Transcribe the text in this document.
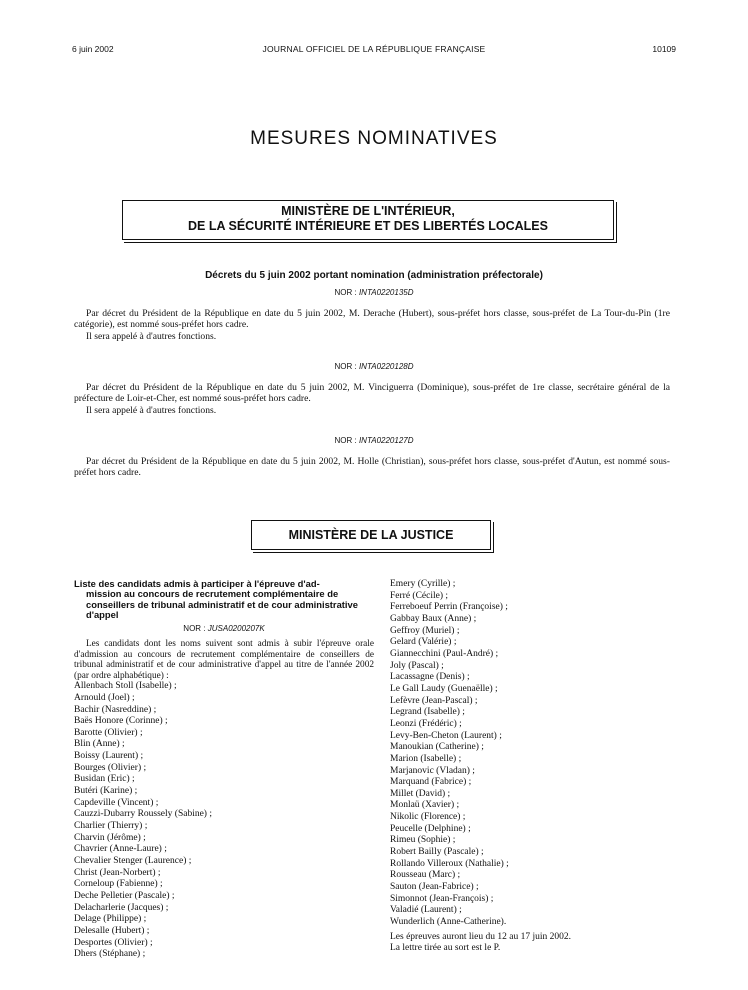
6 juin 2002	JOURNAL OFFICIEL DE LA RÉPUBLIQUE FRANÇAISE	10109
MESURES NOMINATIVES
MINISTÈRE DE L'INTÉRIEUR,
DE LA SÉCURITÉ INTÉRIEURE ET DES LIBERTÉS LOCALES
Décrets du 5 juin 2002 portant nomination (administration préfectorale)
NOR : INTA0220135D

Par décret du Président de la République en date du 5 juin 2002, M. Derache (Hubert), sous-préfet hors classe, sous-préfet de La Tour-du-Pin (1re catégorie), est nommé sous-préfet hors cadre.

Il sera appelé à d'autres fonctions.

NOR : INTA0220128D

Par décret du Président de la République en date du 5 juin 2002, M. Vinciguerra (Dominique), sous-préfet de 1re classe, secrétaire général de la préfecture de Loir-et-Cher, est nommé sous-préfet hors cadre.

Il sera appelé à d'autres fonctions.

NOR : INTA0220127D

Par décret du Président de la République en date du 5 juin 2002, M. Holle (Christian), sous-préfet hors classe, sous-préfet d'Autun, est nommé sous-préfet hors cadre.

MINISTÈRE DE LA JUSTICE
Liste des candidats admis à participer à l'épreuve d'ad-
mission au concours de recrutement complémentaire de conseillers de tribunal administratif et de cour administrative d'appel
NOR : JUSA0200207K
Les candidats dont les noms suivent sont admis à subir l'épreuve orale d'admission au concours de recrutement complémentaire de conseillers de tribunal administratif et de cour administrative d'appel au titre de l'année 2002 (par ordre alphabétique) :
Allenbach Stoll (Isabelle) ;
Arnould (Joel) ;
Bachir (Nasreddine) ;
Baës Honore (Corinne) ;
Barotte (Olivier) ;
Blin (Anne) ;
Boissy (Laurent) ;
Bourges (Olivier) ;
Busidan (Eric) ;
Butéri (Karine) ;
Capdeville (Vincent) ;
Cauzzi-Dubarry Roussely (Sabine) ;
Charlier (Thierry) ;
Charvin (Jérôme) ;
Chavrier (Anne-Laure) ;
Chevalier Stenger (Laurence) ;
Christ (Jean-Norbert) ;
Corneloup (Fabienne) ;
Deche Pelletier (Pascale) ;
Delacharlerie (Jacques) ;
Delage (Philippe) ;
Delesalle (Hubert) ;
Desportes (Olivier) ;
Dhers (Stéphane) ;
Emery (Cyrille) ;
Ferré (Cécile) ;
Ferreboeuf Perrin (Françoise) ;
Gabbay Baux (Anne) ;
Geffroy (Muriel) ;
Gelard (Valérie) ;
Giannecchini (Paul-André) ;
Joly (Pascal) ;
Lacassagne (Denis) ;
Le Gall Laudy (Guenaëlle) ;
Lefèvre (Jean-Pascal) ;
Legrand (Isabelle) ;
Leonzi (Frédéric) ;
Levy-Ben-Cheton (Laurent) ;
Manoukian (Catherine) ;
Marion (Isabelle) ;
Marjanovic (Vladan) ;
Marquand (Fabrice) ;
Millet (David) ;
Monlaü (Xavier) ;
Nikolic (Florence) ;
Peucelle (Delphine) ;
Rimeu (Sophie) ;
Robert Bailly (Pascale) ;
Rollando Villeroux (Nathalie) ;
Rousseau (Marc) ;
Sauton (Jean-Fabrice) ;
Simonnot (Jean-François) ;
Valadié (Laurent) ;
Wunderlich (Anne-Catherine).

Les épreuves auront lieu du 12 au 17 juin 2002.

La lettre tirée au sort est le P.
